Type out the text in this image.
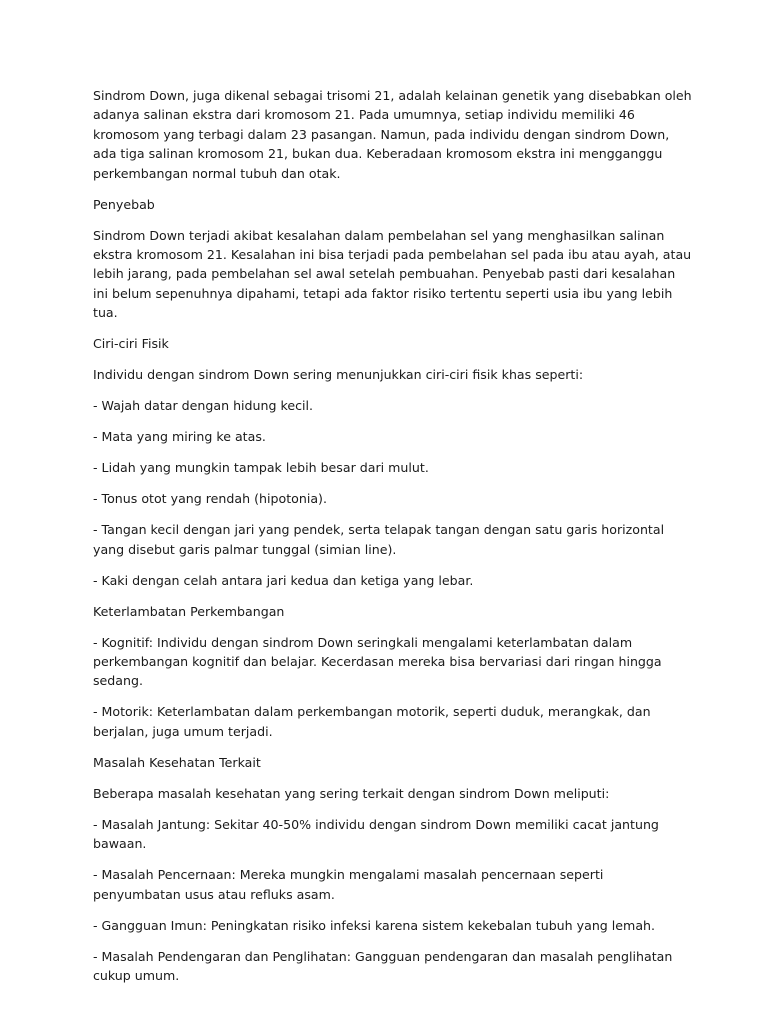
Sindrom Down, juga dikenal sebagai trisomi 21, adalah kelainan genetik yang disebabkan oleh adanya salinan ekstra dari kromosom 21. Pada umumnya, setiap individu memiliki 46 kromosom yang terbagi dalam 23 pasangan. Namun, pada individu dengan sindrom Down, ada tiga salinan kromosom 21, bukan dua. Keberadaan kromosom ekstra ini mengganggu perkembangan normal tubuh dan otak.

Penyebab

Sindrom Down terjadi akibat kesalahan dalam pembelahan sel yang menghasilkan salinan ekstra kromosom 21. Kesalahan ini bisa terjadi pada pembelahan sel pada ibu atau ayah, atau lebih jarang, pada pembelahan sel awal setelah pembuahan. Penyebab pasti dari kesalahan ini belum sepenuhnya dipahami, tetapi ada faktor risiko tertentu seperti usia ibu yang lebih tua.

Ciri-ciri Fisik

Individu dengan sindrom Down sering menunjukkan ciri-ciri fisik khas seperti:

- Wajah datar dengan hidung kecil.

- Mata yang miring ke atas.

- Lidah yang mungkin tampak lebih besar dari mulut.

- Tonus otot yang rendah (hipotonia).

- Tangan kecil dengan jari yang pendek, serta telapak tangan dengan satu garis horizontal yang disebut garis palmar tunggal (simian line).

- Kaki dengan celah antara jari kedua dan ketiga yang lebar.

Keterlambatan Perkembangan

- Kognitif: Individu dengan sindrom Down seringkali mengalami keterlambatan dalam perkembangan kognitif dan belajar. Kecerdasan mereka bisa bervariasi dari ringan hingga sedang.

- Motorik: Keterlambatan dalam perkembangan motorik, seperti duduk, merangkak, dan berjalan, juga umum terjadi.

Masalah Kesehatan Terkait

Beberapa masalah kesehatan yang sering terkait dengan sindrom Down meliputi:

- Masalah Jantung: Sekitar 40-50% individu dengan sindrom Down memiliki cacat jantung bawaan.

- Masalah Pencernaan: Mereka mungkin mengalami masalah pencernaan seperti penyumbatan usus atau refluks asam.

- Gangguan Imun: Peningkatan risiko infeksi karena sistem kekebalan tubuh yang lemah.

- Masalah Pendengaran dan Penglihatan: Gangguan pendengaran dan masalah penglihatan cukup umum.
